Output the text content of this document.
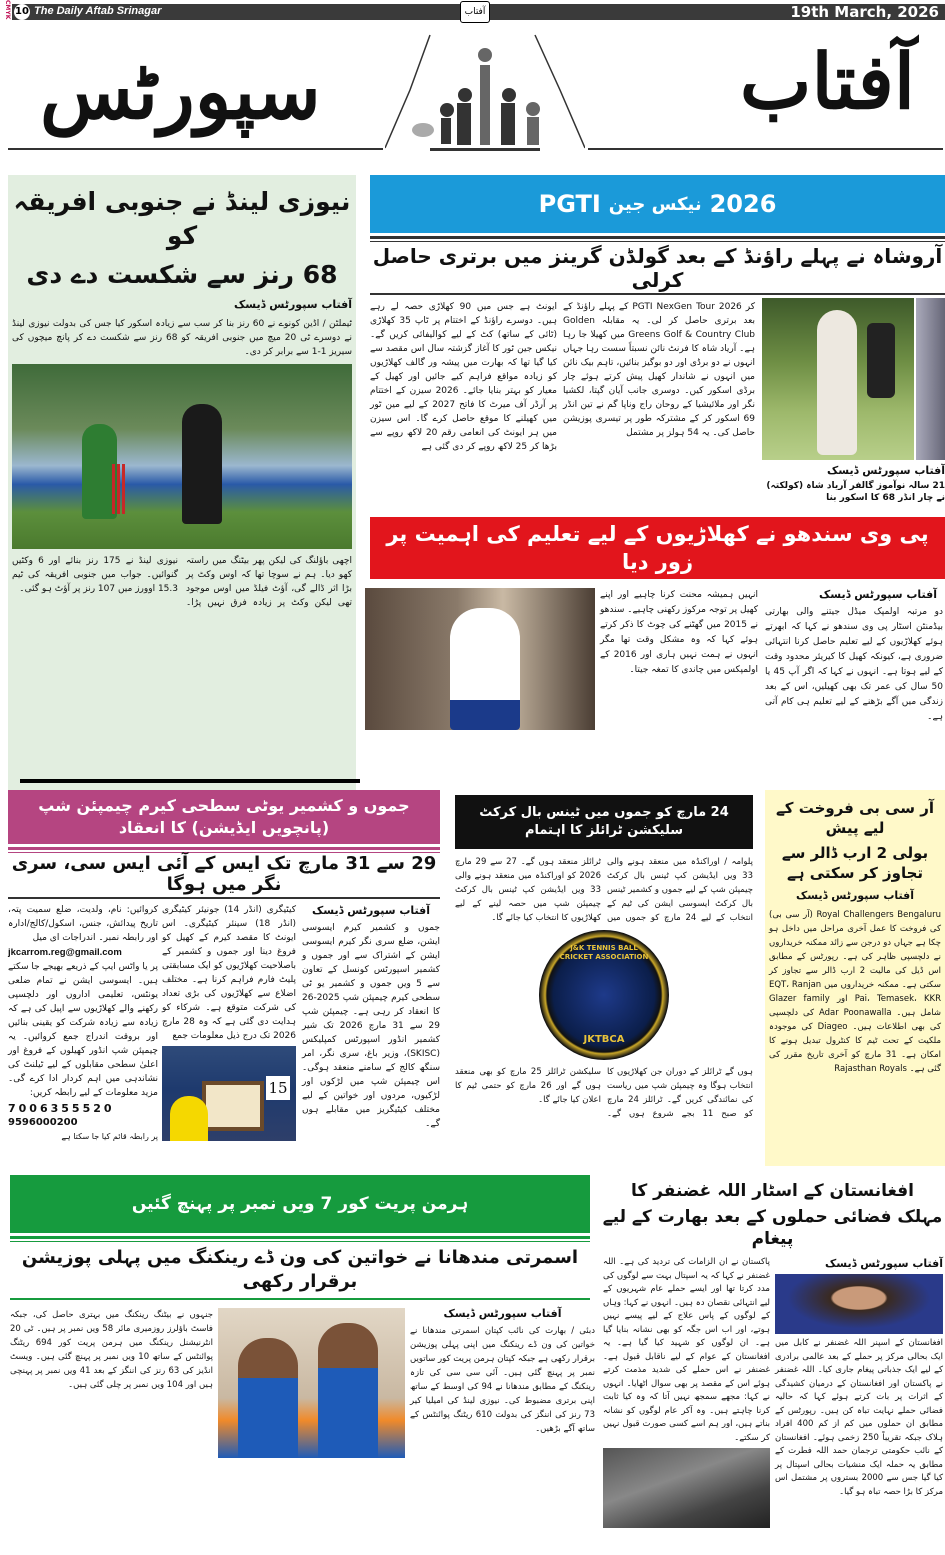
CMYK 10 The Daily Aftab Srinagar	آفتاب	19th March, 2026
آفتاب
سپورٹس
نیوزی لینڈ نے جنوبی افریقہ کو
68 رنز سے شکست دے دی
آفتاب سپورٹس ڈیسک
ٹیملٹن / اڈین کونوے نے 60 رنز بنا کر سب سے زیادہ اسکور کیا جس کی بدولت نیوزی لینڈ نے دوسرے ٹی 20 میچ میں جنوبی افریقہ کو 68 رنز سے شکست دے کر پانچ میچوں کی سیریز 1-1 سے برابر کر دی۔
اچھی باؤلنگ کی لیکن پھر بیٹنگ میں راستہ کھو دیا۔ ہم نے سوچا تھا کہ اوس وکٹ پر بڑا اثر ڈالے گی، آؤٹ فیلڈ میں اوس موجود تھی لیکن وکٹ پر زیادہ فرق نہیں پڑا۔ نیوزی لینڈ نے 175 رنز بنائے اور 6 وکٹیں گنوائیں۔ جواب میں جنوبی افریقہ کی ٹیم 15.3 اوورز میں 107 رنز پر آؤٹ ہو گئی۔
2026
نیکس جین
PGTI
آروشاہ نے پہلے راؤنڈ کے بعد گولڈن گرینز میں برتری حاصل کرلی
کر PGTI NexGen Tour 2026 کے پہلے راؤنڈ کے بعد برتری حاصل کر لی۔ یہ مقابلہ Golden Greens Golf & Country Club میں کھیلا جا رہا ہے۔ آریاد شاہ کا فرنٹ نائن نسبتاً سست رہا جہاں انہوں نے دو برڈی اور دو بوگیز بنائیں، تاہم بیک نائن میں انہوں نے شاندار کھیل پیش کرتے ہوئے چار برڈی اسکور کیں۔ دوسری جانب آیان گپتا، لکشیا نگر اور ملائیشیا کے روحان راج وناپا گم نے تین انڈر 69 اسکور کر کے مشترکہ طور پر تیسری پوزیشن حاصل کی۔ یہ 54 ہولز پر مشتمل
ایونٹ ہے جس میں 90 کھلاڑی حصہ لے رہے ہیں۔ دوسرے راؤنڈ کے اختتام پر ٹاپ 35 کھلاڑی (ٹائی کے ساتھ) کٹ کے لیے کوالیفائی کریں گے۔ نیکس جین ٹور کا آغاز گزشتہ سال اس مقصد سے کیا گیا تھا کہ بھارت میں پیشہ ور گالف کھلاڑیوں کو زیادہ مواقع فراہم کیے جائیں اور کھیل کے معیار کو بہتر بنایا جائے۔ 2026 سیزن کے اختتام پر آرڈر آف میرٹ کا فاتح 2027 کے لیے مین ٹور میں کھیلنے کا موقع حاصل کرے گا۔ اس سیزن میں ہر ایونٹ کی انعامی رقم 20 لاکھ روپے سے بڑھا کر 25 لاکھ روپے کر دی گئی ہے
آفتاب سپورٹس ڈیسک
21 سالہ نوآموز گالفر آریاد شاہ (کولکتہ) نے چار انڈر 68 کا اسکور بنا
پی وی سندھو نے کھلاڑیوں کے لیے تعلیم کی اہمیت پر زور دیا
آفتاب سپورٹس ڈیسک
دو مرتبہ اولمپک میڈل جیتنے والی بھارتی بیڈمنٹن اسٹار پی وی سندھو نے کہا کہ ابھرتے ہوئے کھلاڑیوں کے لیے تعلیم حاصل کرنا انتہائی ضروری ہے، کیونکہ کھیل کا کیریئر محدود وقت کے لیے ہوتا ہے۔ انہوں نے کہا کہ اگر آپ 45 یا 50 سال کی عمر تک بھی کھیلیں، اس کے بعد زندگی میں آگے بڑھنے کے لیے تعلیم ہی کام آتی ہے۔
انہیں ہمیشہ محنت کرنا چاہیے اور اپنے کھیل پر توجہ مرکوز رکھنی چاہیے۔ سندھو نے 2015 میں گھٹنے کی چوٹ کا ذکر کرتے ہوئے کہا کہ وہ مشکل وقت تھا مگر انہوں نے ہمت نہیں ہاری اور 2016 کے اولمپکس میں چاندی کا تمغہ جیتا۔
جموں و کشمیر یوٹی سطحی کیرم چیمپئن شپ (پانچویں ایڈیشن) کا انعقاد
29 سے 31 مارچ تک ایس کے آئی ایس سی، سری نگر میں ہوگا
آفتاب سپورٹس ڈیسک
جموں و کشمیر کیرم ایسوسی ایشن، ضلع سری نگر کیرم ایسوسی ایشن کے اشتراک سے اور جموں و کشمیر اسپورٹس کونسل کے تعاون سے 5 ویں جموں و کشمیر یو ٹی سطحی کیرم چیمپئن شپ 2025-26 کا انعقاد کر رہی ہے۔ چیمپئن شپ 29 سے 31 مارچ 2026 تک شیر کشمیر انڈور اسپورٹس کمپلیکس (SKISC)، وزیر باغ، سری نگر، امر سنگھ کالج کے سامنے منعقد ہوگی۔ اس چیمپئن شپ میں لڑکوں اور لڑکیوں، مردوں اور خواتین کے لیے مختلف کیٹیگریز میں مقابلے ہوں گے۔
کیٹیگری (انڈر 14) جونیئر کیٹیگری (انڈر 18) سینئر کیٹیگری۔ اس ایونٹ کا مقصد کیرم کے کھیل کو فروغ دینا اور جموں و کشمیر کے باصلاحیت کھلاڑیوں کو ایک مسابقتی پلیٹ فارم فراہم کرنا ہے۔ مختلف اضلاع سے کھلاڑیوں کی بڑی تعداد کی شرکت متوقع ہے۔ شرکاء کو ہدایت دی گئی ہے کہ وہ 28 مارچ 2026 تک درج ذیل معلومات جمع
15
کروائیں: نام، ولدیت، ضلع سمیت پتہ، تاریخ پیدائش، جنس، اسکول/کالج/ادارہ اور رابطہ نمبر۔ اندراجات ای میل
jkcarrom.reg@gmail.com
پر یا واٹس ایپ کے ذریعے بھیجے جا سکتے ہیں۔ ایسوسی ایشن نے تمام ضلعی یونٹس، تعلیمی اداروں اور دلچسپی رکھنے والے کھلاڑیوں سے اپیل کی ہے کہ زیادہ سے زیادہ شرکت کو یقینی بنائیں اور بروقت اندراج جمع کروائیں۔ یہ چیمپئن شپ انڈور کھیلوں کے فروغ اور اعلیٰ سطحی مقابلوں کے لیے ٹیلنٹ کی نشاندہی میں اہم کردار ادا کرے گی۔ مزید معلومات کے لیے رابطہ کریں:
7006355520
9596000200
پر رابطہ قائم کیا جا سکتا ہے
24 مارچ کو جموں میں ٹینس بال کرکٹ سلیکشن ٹرائلز کا اہتمام
پلوامہ / اوراکنڈہ میں منعقد ہونے والی 33 ویں ایڈیشن کپ ٹینس بال کرکٹ چیمپئن شپ کے لیے جموں و کشمیر ٹینس بال کرکٹ ایسوسی ایشن کی ٹیم کے انتخاب کے لیے 24 مارچ کو جموں میں ٹرائلز منعقد ہوں گے۔ 27 سے 29 مارچ 2026 کو اوراکنڈہ میں منعقد ہونے والی 33 ویں ایڈیشن کپ ٹینس بال کرکٹ چیمپئن شپ میں حصہ لینے کے لیے کھلاڑیوں کا انتخاب کیا جائے گا۔
J&K TENNIS BALL CRICKET ASSOCIATION
JKTBCA
ہوں گے ٹرائلز کے دوران جن کھلاڑیوں کا انتخاب ہوگا وہ چیمپئن شپ میں ریاست کی نمائندگی کریں گے۔ ٹرائلز 24 مارچ کو صبح 11 بجے شروع ہوں گے۔ سلیکشن ٹرائلز 25 مارچ کو بھی منعقد ہوں گے اور 26 مارچ کو حتمی ٹیم کا اعلان کیا جائے گا۔
آر سی بی فروخت کے لیے پیش
بولی 2 ارب ڈالر سے تجاوز کر سکتی ہے
آفتاب سپورٹس ڈیسک
Royal Challengers Bengaluru (آر سی بی) کی فروخت کا عمل آخری مراحل میں داخل ہو چکا ہے جہاں دو درجن سے زائد ممکنہ خریداروں نے دلچسپی ظاہر کی ہے۔ رپورٹس کے مطابق اس ڈیل کی مالیت 2 ارب ڈالر سے تجاوز کر سکتی ہے۔ ممکنہ خریداروں میں EQT، Ranjan Pai، Temasek، KKR اور Glazer family شامل ہیں۔ Adar Poonawalla کی دلچسپی کی بھی اطلاعات ہیں۔ Diageo کی موجودہ ملکیت کے تحت ٹیم کا کنٹرول تبدیل ہونے کا امکان ہے۔ 31 مارچ کو آخری تاریخ مقرر کی گئی ہے۔ Rajasthan Royals
ہرمن پریت کور 7 ویں نمبر پر پہنچ گئیں
اسمرتی مندھانا نے خواتین کی ون ڈے رینکنگ میں پہلی پوزیشن برقرار رکھی
آفتاب سپورٹس ڈیسک
دبئی / بھارت کی نائب کپتان اسمرتی مندھانا نے خواتین کی ون ڈے رینکنگ میں اپنی پہلی پوزیشن برقرار رکھی ہے جبکہ کپتان ہرمن پریت کور ساتویں نمبر پر پہنچ گئی ہیں۔ آئی سی سی کی تازہ رینکنگ کے مطابق مندھانا نے 94 کی اوسط کے ساتھ اپنی برتری مضبوط کی۔ نیوزی لینڈ کی امیلیا کیر 73 رنز کی اننگز کی بدولت 610 ریٹنگ پوائنٹس کے ساتھ آگے بڑھیں۔
جنہوں نے بیٹنگ رینکنگ میں بہتری حاصل کی، جبکہ فاسٹ باؤلرز روزمیری مائر 58 ویں نمبر پر ہیں۔ ٹی 20 انٹرنیشنل رینکنگ میں ہرمن پریت کور 694 ریٹنگ پوائنٹس کے ساتھ 10 ویں نمبر پر پہنچ گئی ہیں۔ ویسٹ انڈیز کی 63 رنز کی اننگز کے بعد 41 ویں نمبر پر پہنچی ہیں اور 104 ویں نمبر پر چلی گئی ہیں۔
افغانستان کے اسٹار اللہ غضنفر کا
مہلک فضائی حملوں کے بعد بھارت کے لیے پیغام
آفتاب سپورٹس ڈیسک
افغانستان کے اسپنر اللہ غضنفر نے کابل میں ایک بحالی مرکز پر حملے کے بعد عالمی برادری کے لیے ایک جذباتی پیغام جاری کیا۔ اللہ غضنفر نے پاکستان اور افغانستان کے درمیان کشیدگی کے اثرات پر بات کرتے ہوئے کہا کہ حالیہ فضائی حملے نہایت تباہ کن ہیں۔ رپورٹس کے مطابق ان حملوں میں کم از کم 400 افراد ہلاک جبکہ تقریباً 250 زخمی ہوئے۔ افغانستان کے نائب حکومتی ترجمان حمد اللہ فطرت کے مطابق یہ حملہ ایک منشیات بحالی اسپتال پر کیا گیا جس سے 2000 بستروں پر مشتمل اس مرکز کا بڑا حصہ تباہ ہو گیا۔
پاکستان نے ان الزامات کی تردید کی ہے۔ اللہ غضنفر نے کہا کہ یہ اسپتال بہت سے لوگوں کی مدد کرتا تھا اور ایسے حملے عام شہریوں کے لیے انتہائی نقصان دہ ہیں۔ انہوں نے کہا: وہاں کے لوگوں کے پاس علاج کے لیے پیسے نہیں ہوتے، اور اب اس جگہ کو بھی نشانہ بنایا گیا ہے۔ ان لوگوں کو شہید کیا گیا ہے۔ یہ افغانستان کے عوام کے لیے ناقابل قبول ہے۔ غضنفر نے اس حملے کی شدید مذمت کرتے ہوئے اس کے مقصد پر بھی سوال اٹھایا۔ انہوں نے کہا: مجھے سمجھ نہیں آتا کہ وہ کیا ثابت کرنا چاہتے ہیں۔ وہ آکر عام لوگوں کو نشانہ بناتے ہیں، اور ہم اسے کسی صورت قبول نہیں کر سکتے۔
